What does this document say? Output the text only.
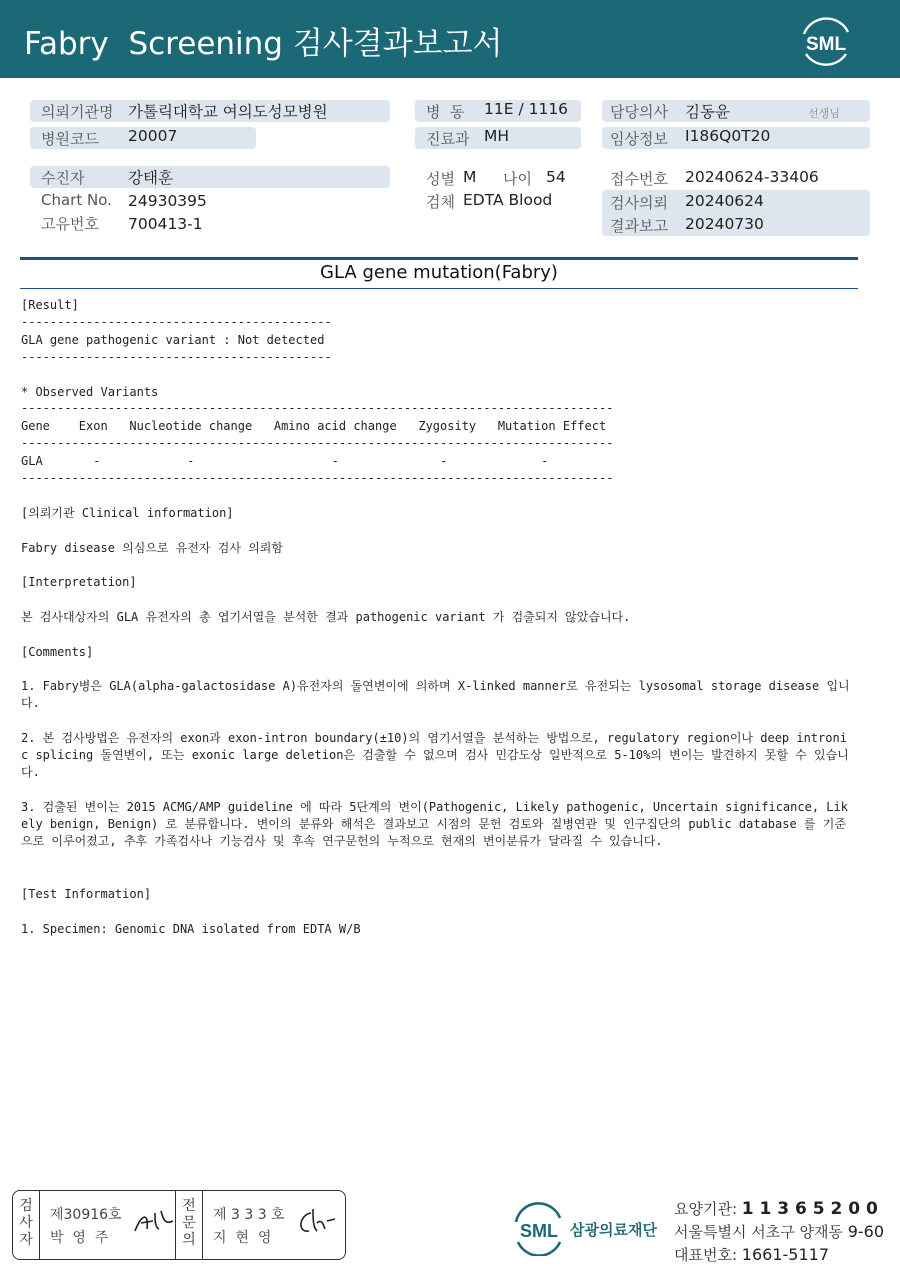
Fabry  Screening 검사결과보고서	SML
의뢰기관명 가톨릭대학교 여의도성모병원
병원코드 20007
병  동 11E / 1116
진료과 MH
담당의사 김동윤	선생님
임상정보 I186Q0T20
수진자	강태훈
Chart No. 24930395
고유번호 700413-1
성별 M 나이 54
검체 EDTA Blood
접수번호 20240624-33406
검사의뢰 20240624
결과보고 20240730
GLA gene mutation(Fabry)
[Result]
-------------------------------------------
GLA gene pathogenic variant : Not detected
-------------------------------------------
* Observed Variants
----------------------------------------------------------------------------------
Gene    Exon   Nucleotide change   Amino acid change   Zygosity   Mutation Effect
----------------------------------------------------------------------------------
GLA       -            -                   -              -             -
----------------------------------------------------------------------------------
[의뢰기관 Clinical information]
Fabry disease 의심으로 유전자 검사 의뢰함
[Interpretation]
본 검사대상자의 GLA 유전자의 총 엽기서열을 분석한 결과 pathogenic variant 가 검출되지 않았습니다.
[Comments]
1. Fabry병은 GLA(alpha-galactosidase A)유전자의 돌연변이에 의하며 X-linked manner로 유전되는 lysosomal storage disease 입니다.
2. 본 검사방법은 유전자의 exon과 exon-intron boundary(±10)의 염기서열을 분석하는 방법으로, regulatory region이나 deep intronic splicing 돌연변이, 또는 exonic large deletion은 검출할 수 없으며 검사 민감도상 일반적으로 5-10%의 변이는 발견하지 못할 수 있습니다.
3. 검출된 변이는 2015 ACMG/AMP guideline 에 따라 5단계의 변이(Pathogenic, Likely pathogenic, Uncertain significance, Likely benign, Benign) 로 분류합니다. 변이의 분류와 해석은 결과보고 시점의 문헌 검토와 질병연관 및 인구집단의 public database 를 기준으로 이루어졌고, 추후 가족검사나 기능검사 및 후속 연구문헌의 누적으로 현재의 변이분류가 달라질 수 있습니다.
[Test Information]
1. Specimen: Genomic DNA isolated from EDTA W/B
검
사
자
제30916호
박  영  주
전
문
의
제 3 3 3 호
지  현  영	SML 삼광의료재단
요양기관: 1 1 3 6 5 2 0 0
서울특별시 서초구 양재동 9-60
대표번호: 1661-5117
